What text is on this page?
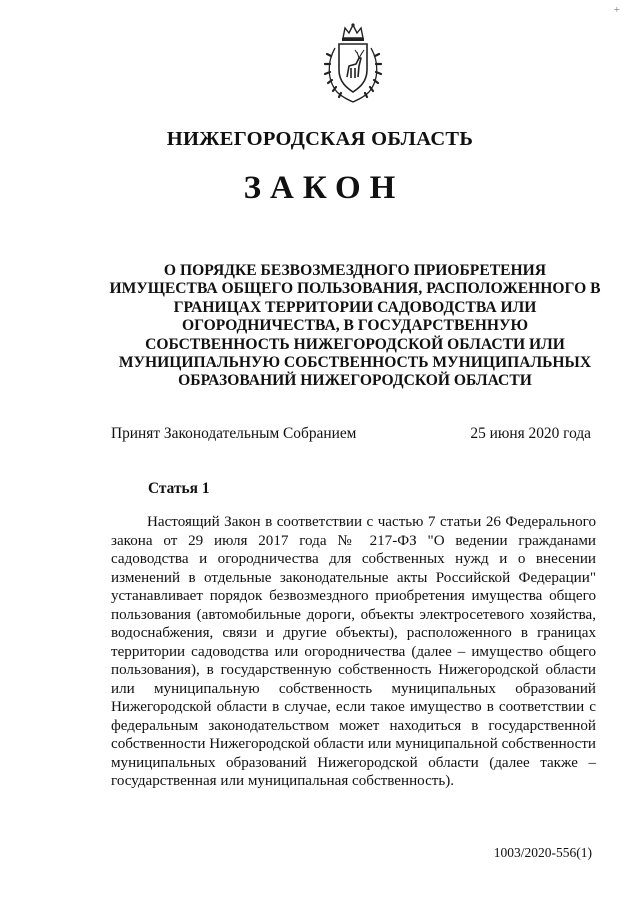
+
НИЖЕГОРОДСКАЯ ОБЛАСТЬ
ЗАКОН
О ПОРЯДКЕ БЕЗВОЗМЕЗДНОГО ПРИОБРЕТЕНИЯ ИМУЩЕСТВА ОБЩЕГО ПОЛЬЗОВАНИЯ, РАСПОЛОЖЕННОГО В ГРАНИЦАХ ТЕРРИТОРИИ САДОВОДСТВА ИЛИ ОГОРОДНИЧЕСТВА, В ГОСУДАРСТВЕННУЮ СОБСТВЕННОСТЬ НИЖЕГОРОДСКОЙ ОБЛАСТИ ИЛИ МУНИЦИПАЛЬНУЮ СОБСТВЕННОСТЬ МУНИЦИПАЛЬНЫХ ОБРАЗОВАНИЙ НИЖЕГОРОДСКОЙ ОБЛАСТИ
Принят Законодательным Собранием	25 июня 2020 года
Статья 1

Настоящий Закон в соответствии с частью 7 статьи 26 Федерального закона от 29 июля 2017 года № 217-ФЗ "О ведении гражданами садоводства и огородничества для собственных нужд и о внесении изменений в отдельные законодательные акты Российской Федерации" устанавливает порядок безвозмездного приобретения имущества общего пользования (автомобильные дороги, объекты электросетевого хозяйства, водоснабжения, связи и другие объекты), расположенного в границах территории садоводства или огородничества (далее – имущество общего пользования), в государственную собственность Нижегородской области или муниципальную собственность муниципальных образований Нижегородской области в случае, если такое имущество в соответствии с федеральным законодательством может находиться в государственной собственности Нижегородской области или муниципальной собственности муниципальных образований Нижегородской области (далее также – государственная или муниципальная собственность).

1003/2020-556(1)
